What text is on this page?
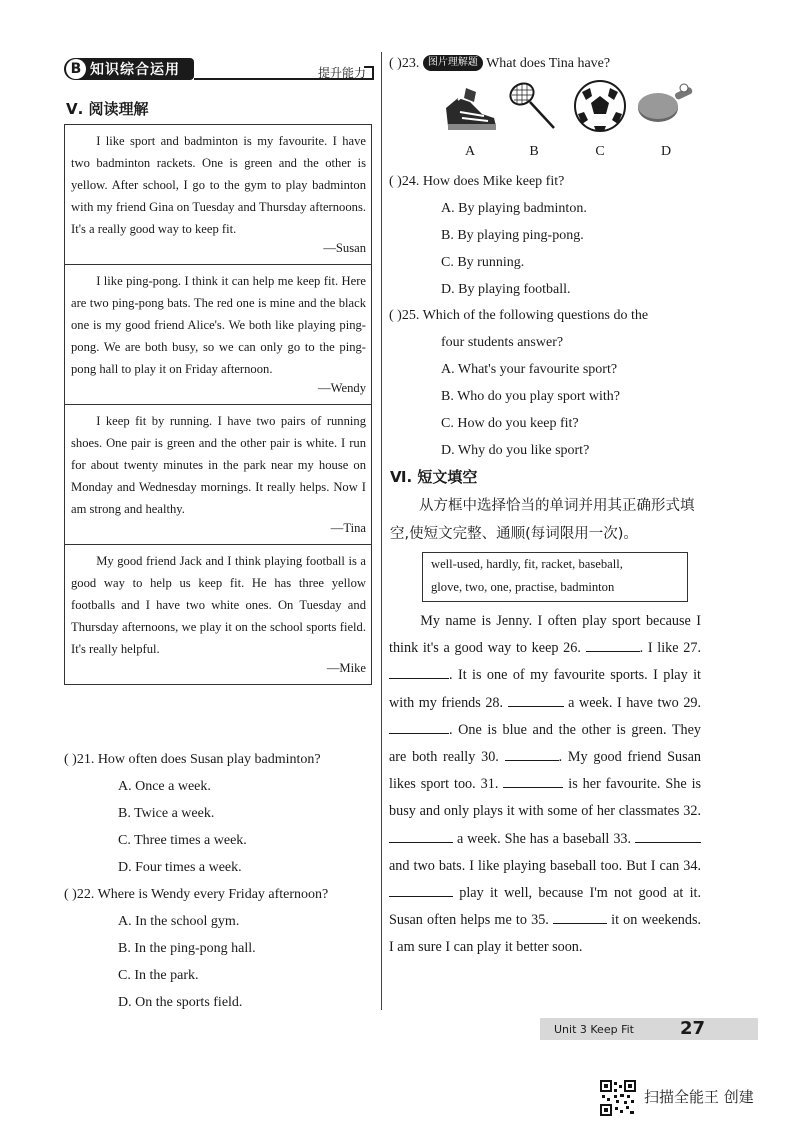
B 知识综合运用	提升能力
Ⅴ. 阅读理解

I like sport and badminton is my favourite. I have two badminton rackets. One is green and the other is yellow. After school, I go to the gym to play badminton with my friend Gina on Tuesday and Thursday afternoons. It's a really good way to keep fit.

—Susan

I like ping-pong. I think it can help me keep fit. Here are two ping-pong bats. The red one is mine and the black one is my good friend Alice's. We both like playing ping-pong. We are both busy, so we can only go to the ping-pong hall to play it on Friday afternoon.

—Wendy

I keep fit by running. I have two pairs of running shoes. One pair is green and the other pair is white. I run for about twenty minutes in the park near my house on Monday and Wednesday mornings. It really helps. Now I am strong and healthy.

—Tina

My good friend Jack and I think playing football is a good way to help us keep fit. He has three yellow footballs and I have two white ones. On Tuesday and Thursday afternoons, we play it on the school sports field. It's really helpful.

—Mike
( )21. How often does Susan play badminton?
A. Once a week.
B. Twice a week.
C. Three times a week.
D. Four times a week.
( )22. Where is Wendy every Friday afternoon?
A. In the school gym.
B. In the ping-pong hall.
C. In the park.
D. On the sports field.
( )23. 图片理解题 What does Tina have?
A	B	C	D
( )24. How does Mike keep fit?
A. By playing badminton.
B. By playing ping-pong.
C. By running.
D. By playing football.
( )25. Which of the following questions do the
four students answer?
A. What's your favourite sport?
B. Who do you play sport with?
C. How do you keep fit?
D. Why do you like sport?
Ⅵ. 短文填空
从方框中选择恰当的单词并用其正确形式填空,使短文完整、通顺(每词限用一次)。
well-used, hardly, fit, racket, baseball,
glove, two, one, practise, badminton

My name is Jenny. I often play sport because I think it's a good way to keep 26.	. I like 27. . It is one of my favourite sports. I play it with my friends 28.	a week. I have two 29. . One is blue and the other is green. They are both really 30.	. My good friend Susan likes sport too. 31.	is her favourite. She is busy and only plays it with some of her classmates 32.  a week. She has a baseball 33.  and two bats. I like playing baseball too. But I can 34.  play it well, because I'm not good at it. Susan often helps me to 35.	it on weekends. I am sure I can play it better soon.

Unit 3 Keep Fit	27
扫描全能王 创建
